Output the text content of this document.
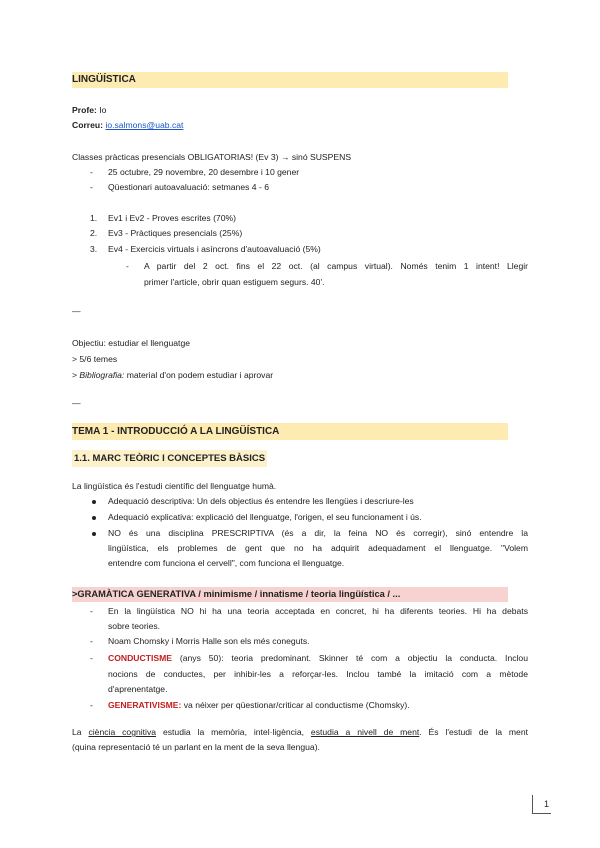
LINGÜÍSTICA
Profe: Io
Correu: io.salmons@uab.cat
Classes pràcticas presencials OBLIGATORIAS! (Ev 3) → sinó SUSPENS
- 25 octubre, 29 novembre, 20 desembre i 10 gener
- Qüestionari autoavaluació: setmanes 4 - 6
1. Ev1 i Ev2 - Proves escrites (70%)
2. Ev3 - Pràctiques presencials (25%)
3. Ev4 - Exercicis virtuals i asíncrons d'autoavaluació (5%)
- A partir del 2 oct. fins el 22 oct. (al campus virtual). Només tenim 1 intent! Llegir
primer l'article, obrir quan estiguem segurs. 40'.
—
Objectiu: estudiar el llenguatge
> 5/6 temes
> Bibliografia: material d'on podem estudiar i aprovar
—
TEMA 1 - INTRODUCCIÓ A LA LINGÜÍSTICA
1.1. MARC TEÒRIC I CONCEPTES BÀSICS
La lingüística és l'estudi científic del llenguatge humà.
Adequació descriptiva: Un dels objectius és entendre les llengües i descriure-les
Adequació explicativa: explicació del llenguatge, l'origen, el seu funcionament i ús.
NO és una disciplina PRESCRIPTIVA (és a dir, la feina NO és corregir), sinó entendre la
lingüística, els problemes de gent que no ha adquirit adequadament el llenguatge. "Volem
entendre com funciona el cervell", com funciona el llenguatge.
>GRAMÀTICA GENERATIVA / minimisme / innatisme / teoria lingüística / ...
- En la lingüística NO hi ha una teoria acceptada en concret, hi ha diferents teories. Hi ha debats
sobre teories.
- Noam Chomsky i Morris Halle son els més coneguts.
- CONDUCTISME (anys 50): teoria predominant. Skinner té com a objectiu la conducta. Inclou
nocions de conductes, per inhibir-les a reforçar-les. Inclou també la imitació com a mètode
d'aprenentatge.
- GENERATIVISME: va néixer per qüestionar/criticar al conductisme (Chomsky).
La ciència cognitiva estudia la memòria, intel·ligència, estudia a nivell de ment. És l'estudi de la ment
(quina representació té un parlant en la ment de la seva llengua).
1
